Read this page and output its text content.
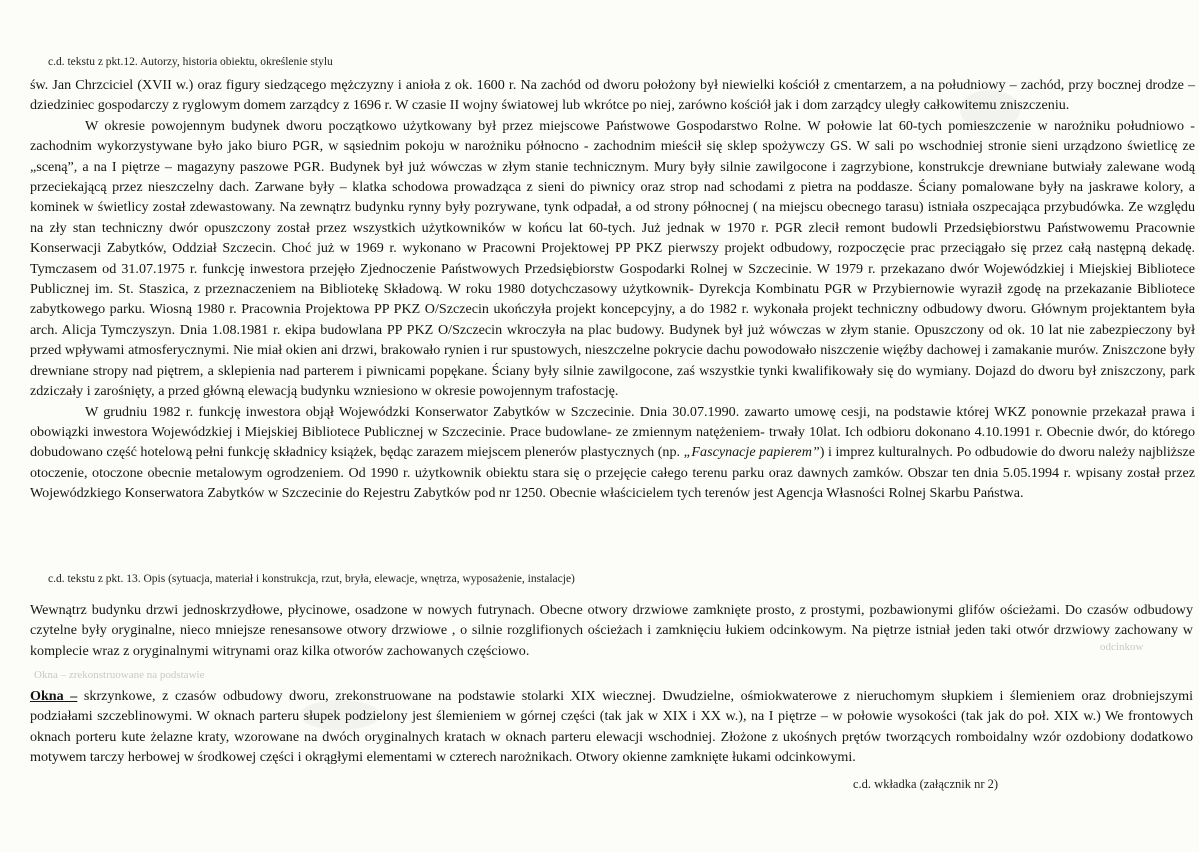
c.d. tekstu z pkt.12. Autorzy, historia obiektu, określenie stylu

św. Jan Chrzciciel (XVII w.) oraz figury siedzącego mężczyzny i anioła z ok. 1600 r. Na zachód od dworu położony był niewielki kościół z cmentarzem, a na południowy – zachód, przy bocznej drodze – dziedziniec gospodarczy z ryglowym domem zarządcy z 1696 r. W czasie II wojny światowej lub wkrótce po niej, zarówno kościół jak i dom zarządcy uległy całkowitemu zniszczeniu.

W okresie powojennym budynek dworu początkowo użytkowany był przez miejscowe Państwowe Gospodarstwo Rolne. W połowie lat 60-tych pomieszczenie w narożniku południowo - zachodnim wykorzystywane było jako biuro PGR, w sąsiednim pokoju w narożniku północno - zachodnim mieścił się sklep spożywczy GS. W sali po wschodniej stronie sieni urządzono świetlicę ze „sceną”, a na I piętrze – magazyny paszowe PGR. Budynek był już wówczas w złym stanie technicznym. Mury były silnie zawilgocone i zagrzybione, konstrukcje drewniane butwiały zalewane wodą przeciekającą przez nieszczelny dach. Zarwane były – klatka schodowa prowadząca z sieni do piwnicy oraz strop nad schodami z pietra na poddasze. Ściany pomalowane były na jaskrawe kolory, a kominek w świetlicy został zdewastowany. Na zewnątrz budynku rynny były pozrywane, tynk odpadał, a od strony północnej ( na miejscu obecnego tarasu) istniała oszpecająca przybudówka. Ze względu na zły stan techniczny dwór opuszczony został przez wszystkich użytkowników w końcu lat 60-tych. Już jednak w 1970 r. PGR zlecił remont budowli Przedsiębiorstwu Państwowemu Pracownie Konserwacji Zabytków, Oddział Szczecin. Choć już w 1969 r. wykonano w Pracowni Projektowej PP PKZ pierwszy projekt odbudowy, rozpoczęcie prac przeciągało się przez całą następną dekadę. Tymczasem od 31.07.1975 r. funkcję inwestora przejęło Zjednoczenie Państwowych Przedsiębiorstw Gospodarki Rolnej w Szczecinie. W 1979 r. przekazano dwór Wojewódzkiej i Miejskiej Bibliotece Publicznej im. St. Staszica, z przeznaczeniem na Bibliotekę Składową. W roku 1980 dotychczasowy użytkownik- Dyrekcja Kombinatu PGR w Przybiernowie wyraził zgodę na przekazanie Bibliotece zabytkowego parku. Wiosną 1980 r. Pracownia Projektowa PP PKZ O/Szczecin ukończyła projekt koncepcyjny, a do 1982 r. wykonała projekt techniczny odbudowy dworu. Głównym projektantem była arch. Alicja Tymczyszyn. Dnia 1.08.1981 r. ekipa budowlana PP PKZ O/Szczecin wkroczyła na plac budowy. Budynek był już wówczas w złym stanie. Opuszczony od ok. 10 lat nie zabezpieczony był przed wpływami atmosferycznymi. Nie miał okien ani drzwi, brakowało rynien i rur spustowych, nieszczelne pokrycie dachu powodowało niszczenie więźby dachowej i zamakanie murów. Zniszczone były drewniane stropy nad piętrem, a sklepienia nad parterem i piwnicami popękane. Ściany były silnie zawilgocone, zaś wszystkie tynki kwalifikowały się do wymiany. Dojazd do dworu był zniszczony, park zdziczały i zarośnięty, a przed główną elewacją budynku wzniesiono w okresie powojennym trafostację.

W grudniu 1982 r. funkcję inwestora objął Wojewódzki Konserwator Zabytków w Szczecinie. Dnia 30.07.1990. zawarto umowę cesji, na podstawie której WKZ ponownie przekazał prawa i obowiązki inwestora Wojewódzkiej i Miejskiej Bibliotece Publicznej w Szczecinie. Prace budowlane- ze zmiennym natężeniem- trwały 10lat. Ich odbioru dokonano 4.10.1991 r. Obecnie dwór, do którego dobudowano część hotelową pełni funkcję składnicy książek, będąc zarazem miejscem plenerów plastycznych (np. „Fascynacje papierem”) i imprez kulturalnych. Po odbudowie do dworu należy najbliższe otoczenie, otoczone obecnie metalowym ogrodzeniem. Od 1990 r. użytkownik obiektu stara się o przejęcie całego terenu parku oraz dawnych zamków. Obszar ten dnia 5.05.1994 r. wpisany został przez Wojewódzkiego Konserwatora Zabytków w Szczecinie do Rejestru Zabytków pod nr 1250. Obecnie właścicielem tych terenów jest Agencja Własności Rolnej Skarbu Państwa.

c.d. tekstu z pkt. 13. Opis (sytuacja, materiał i konstrukcja, rzut, bryła, elewacje, wnętrza, wyposażenie, instalacje)

Wewnątrz budynku drzwi jednoskrzydłowe, płycinowe, osadzone w nowych futrynach. Obecne otwory drzwiowe zamknięte prosto, z prostymi, pozbawionymi glifów ościeżami. Do czasów odbudowy czytelne były oryginalne, nieco mniejsze renesansowe otwory drzwiowe , o silnie rozglifionych ościeżach i zamknięciu łukiem odcinkowym. Na piętrze istniał jeden taki otwór drzwiowy zachowany w komplecie wraz z oryginalnymi witrynami oraz kilka otworów zachowanych częściowo.

Okna – zrekonstruowane na podstawie
odcinkow

Okna – skrzynkowe, z czasów odbudowy dworu, zrekonstruowane na podstawie stolarki XIX wiecznej. Dwudzielne, ośmiokwaterowe z nieruchomym słupkiem i ślemieniem oraz drobniejszymi podziałami szczeblinowymi. W oknach parteru słupek podzielony jest ślemieniem w górnej części (tak jak w XIX i XX w.), na I piętrze – w połowie wysokości (tak jak do poł. XIX w.) We frontowych oknach porteru kute żelazne kraty, wzorowane na dwóch oryginalnych kratach w oknach parteru elewacji wschodniej. Złożone z ukośnych prętów tworzących romboidalny wzór ozdobiony dodatkowo motywem tarczy herbowej w środkowej części i okrągłymi elementami w czterech narożnikach. Otwory okienne zamknięte łukami odcinkowymi.

c.d. wkładka (załącznik nr 2)
